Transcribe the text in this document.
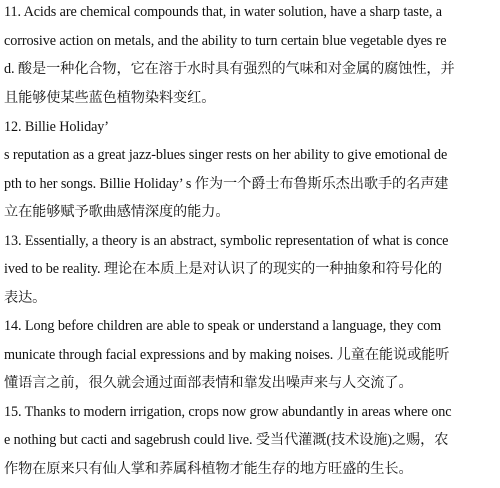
11. Acids are chemical compounds that, in water solution, have a sharp taste, a
corrosive action on metals, and the ability to turn certain blue vegetable dyes re
d. 酸是一种化合物，它在溶于水时具有强烈的气味和对金属的腐蚀性，并
且能够使某些蓝色植物染料变红。
12. Billie Holiday’
s reputation as a great jazz-blues singer rests on her ability to give emotional de
pth to her songs. Billie Holiday’ s 作为一个爵士布鲁斯乐杰出歌手的名声建
立在能够赋予歌曲感情深度的能力。
13. Essentially, a theory is an abstract, symbolic representation of what is conce
ived to be reality. 理论在本质上是对认识了的现实的一种抽象和符号化的
表达。
14. Long before children are able to speak or understand a language, they com
municate through facial expressions and by making noises. 儿童在能说或能听
懂语言之前，很久就会通过面部表情和靠发出噪声来与人交流了。
15. Thanks to modern irrigation, crops now grow abundantly in areas where onc
e nothing but cacti and sagebrush could live. 受当代灌溉(技术设施)之赐，农
作物在原来只有仙人掌和荞属科植物才能生存的地方旺盛的生长。
